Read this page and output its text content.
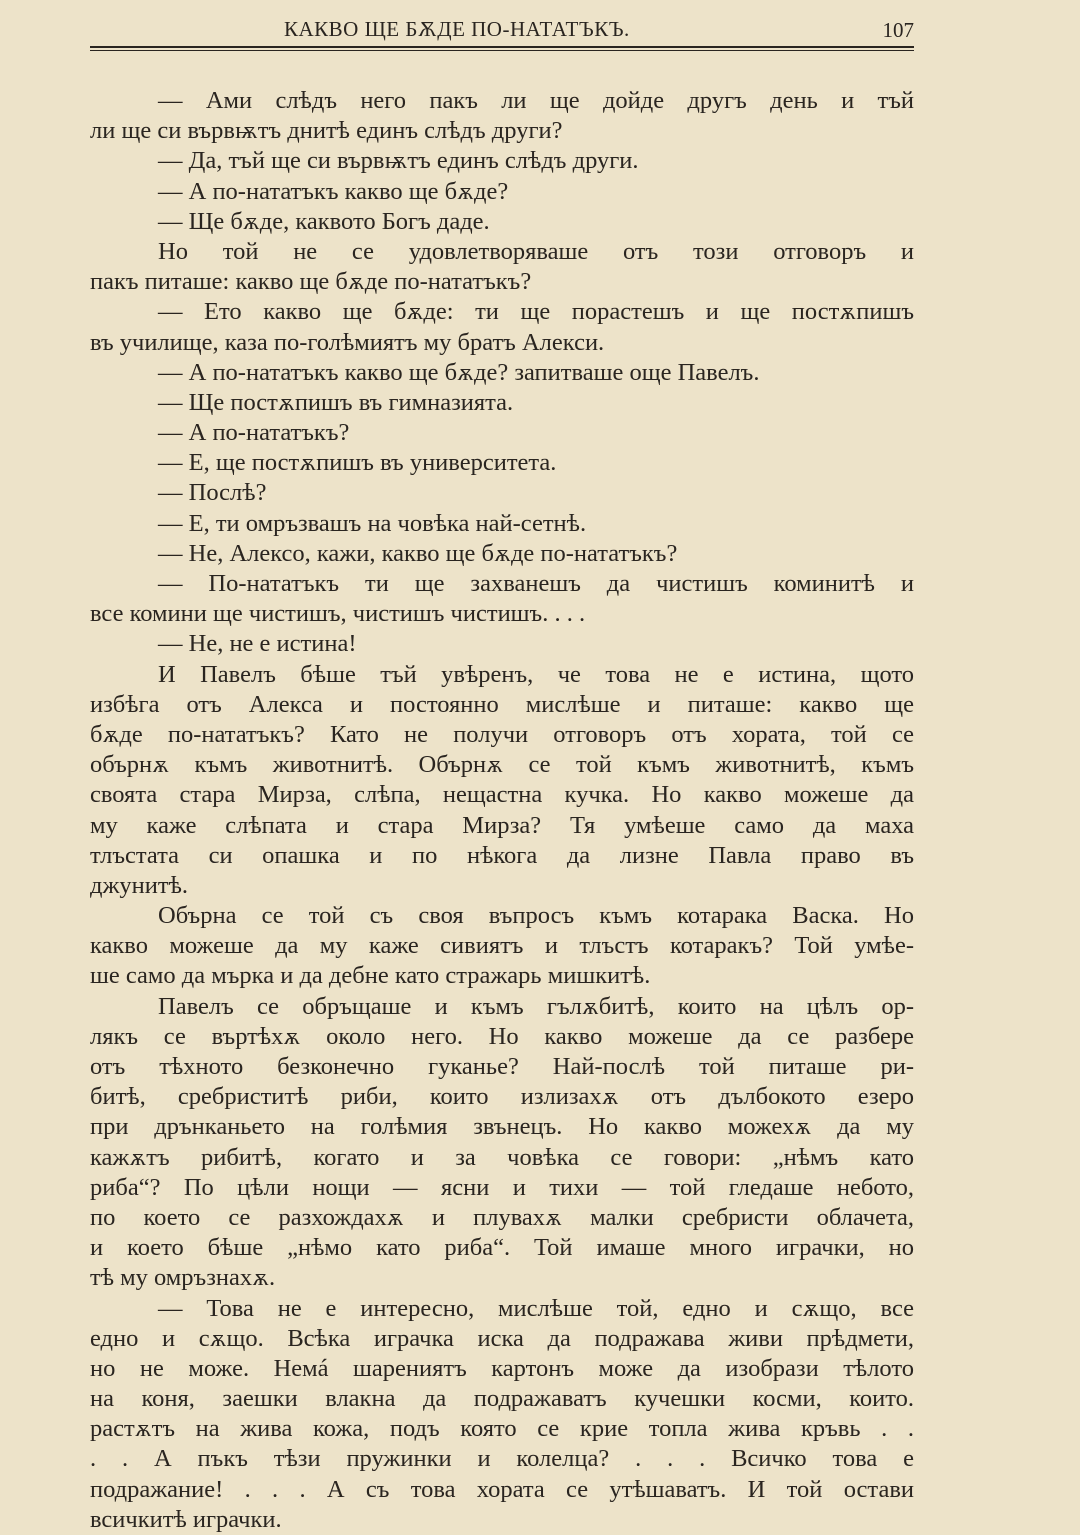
КАКВО ЩЕ БѪДЕ ПО-НАТАТЪКЪ.	107
— Ами слѣдъ него пакъ ли ще дойде другъ день и тъй
ли ще си вървѭтъ днитѣ единъ слѣдъ други?
— Да, тъй ще си вървѭтъ единъ слѣдъ други.
— А по-нататъкъ какво ще бѫде?
— Ще бѫде, каквото Богъ даде.
Но той не се удовлетворяваше отъ този отговоръ и
пакъ питаше: какво ще бѫде по-нататъкъ?
— Ето какво ще бѫде: ти ще порастешъ и ще постѫпишъ
въ училище, каза по-голѣмиятъ му братъ Алекси.
— А по-нататъкъ какво ще бѫде? запитваше още Павелъ.
— Ще постѫпишъ въ гимназията.
— А по-нататъкъ?
— Е, ще постѫпишъ въ университета.
— Послѣ?
— Е, ти омръзвашъ на човѣка най-сетнѣ.
— Не, Алексо, кажи, какво ще бѫде по-нататъкъ?
— По-нататъкъ ти ще захванешъ да чистишъ коминитѣ и
все комини ще чистишъ, чистишъ чистишъ. . . .
— Не, не е истина!
И Павелъ бѣше тъй увѣренъ, че това не е истина, щото
избѣга отъ Алекса и постоянно мислѣше и питаше: какво ще
бѫде по-нататъкъ? Като не получи отговоръ отъ хората, той се
обърнѫ къмъ животнитѣ. Обърнѫ се той къмъ животнитѣ, къмъ
своята стара Мирза, слѣпа, нещастна кучка. Но какво можеше да
му каже слѣпата и стара Мирза? Тя умѣеше само да маха
тлъстата си опашка и по нѣкога да лизне Павла право въ
джунитѣ.
Обърна се той съ своя въпросъ къмъ котарака Васка. Но
какво можеше да му каже сивиятъ и тлъстъ котаракъ? Той умѣе-
ше само да мърка и да дебне като стражарь мишкитѣ.
Павелъ се обръщаше и къмъ гълѫбитѣ, които на цѣлъ ор-
лякъ се въртѣхѫ около него. Но какво можеше да се разбере
отъ тѣхното безконечно гуканье? Най-послѣ той питаше ри-
битѣ, сребриститѣ риби, които излизахѫ отъ дълбокото езеро
при дрънканьето на голѣмия звънецъ. Но какво можехѫ да му
кажѫтъ рибитѣ, когато и за човѣка се говори: „нѣмъ като
риба“? По цѣли нощи — ясни и тихи — той гледаше небото,
по което се разхождахѫ и плувахѫ малки сребристи облачета,
и което бѣше „нѣмо като риба“. Той имаше много играчки, но
тѣ му омръзнахѫ.
— Това не е интересно, мислѣше той, едно и сѫщо, все
едно и сѫщо. Всѣка играчка иска да подражава живи прѣдмети,
но не може. Немá шарениятъ картонъ може да изобрази тѣлото
на коня, заешки влакна да подражаватъ кучешки косми, които.
растѫтъ на жива кожа, подъ която се крие топла жива кръвь . .
. . А пъкъ тѣзи пружинки и колелца? . . . Всичко това е
подражание! . . . А съ това хората се утѣшаватъ. И той остави
всичкитѣ играчки.
